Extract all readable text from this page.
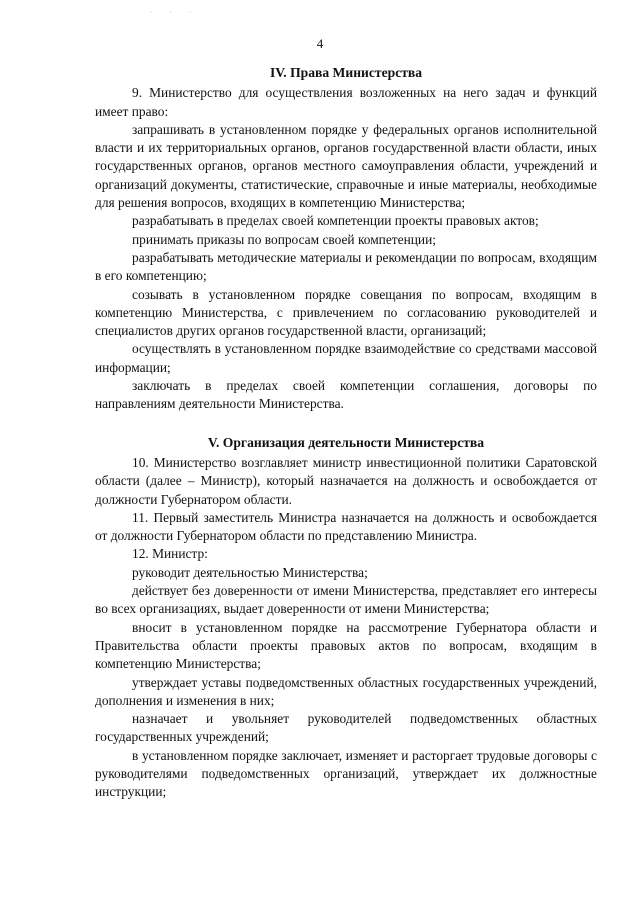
· · ·
4
IV. Права Министерства

9. Министерство для осуществления возложенных на него задач и функций имеет право:

запрашивать в установленном порядке у федеральных органов исполнительной власти и их территориальных органов, органов государственной власти области, иных государственных органов, органов местного самоуправления области, учреждений и организаций документы, статистические, справочные и иные материалы, необходимые для решения вопросов, входящих в компетенцию Министерства;

разрабатывать в пределах своей компетенции проекты правовых актов;

принимать приказы по вопросам своей компетенции;

разрабатывать методические материалы и рекомендации по вопросам, входящим в его компетенцию;

созывать в установленном порядке совещания по вопросам, входящим в компетенцию Министерства, с привлечением по согласованию руководителей и специалистов других органов государственной власти, организаций;

осуществлять в установленном порядке взаимодействие со средствами массовой информации;

заключать в пределах своей компетенции соглашения, договоры по направлениям деятельности Министерства.

V. Организация деятельности Министерства

10. Министерство возглавляет министр инвестиционной политики Саратовской области (далее – Министр), который назначается на должность и освобождается от должности Губернатором области.

11. Первый заместитель Министра назначается на должность и освобождается от должности Губернатором области по представлению Министра.

12. Министр:

руководит деятельностью Министерства;

действует без доверенности от имени Министерства, представляет его интересы во всех организациях, выдает доверенности от имени Министерства;

вносит в установленном порядке на рассмотрение Губернатора области и Правительства области проекты правовых актов по вопросам, входящим в компетенцию Министерства;

утверждает уставы подведомственных областных государственных учреждений, дополнения и изменения в них;

назначает и увольняет руководителей подведомственных областных государственных учреждений;

в установленном порядке заключает, изменяет и расторгает трудовые договоры с руководителями подведомственных организаций, утверждает их должностные инструкции;
